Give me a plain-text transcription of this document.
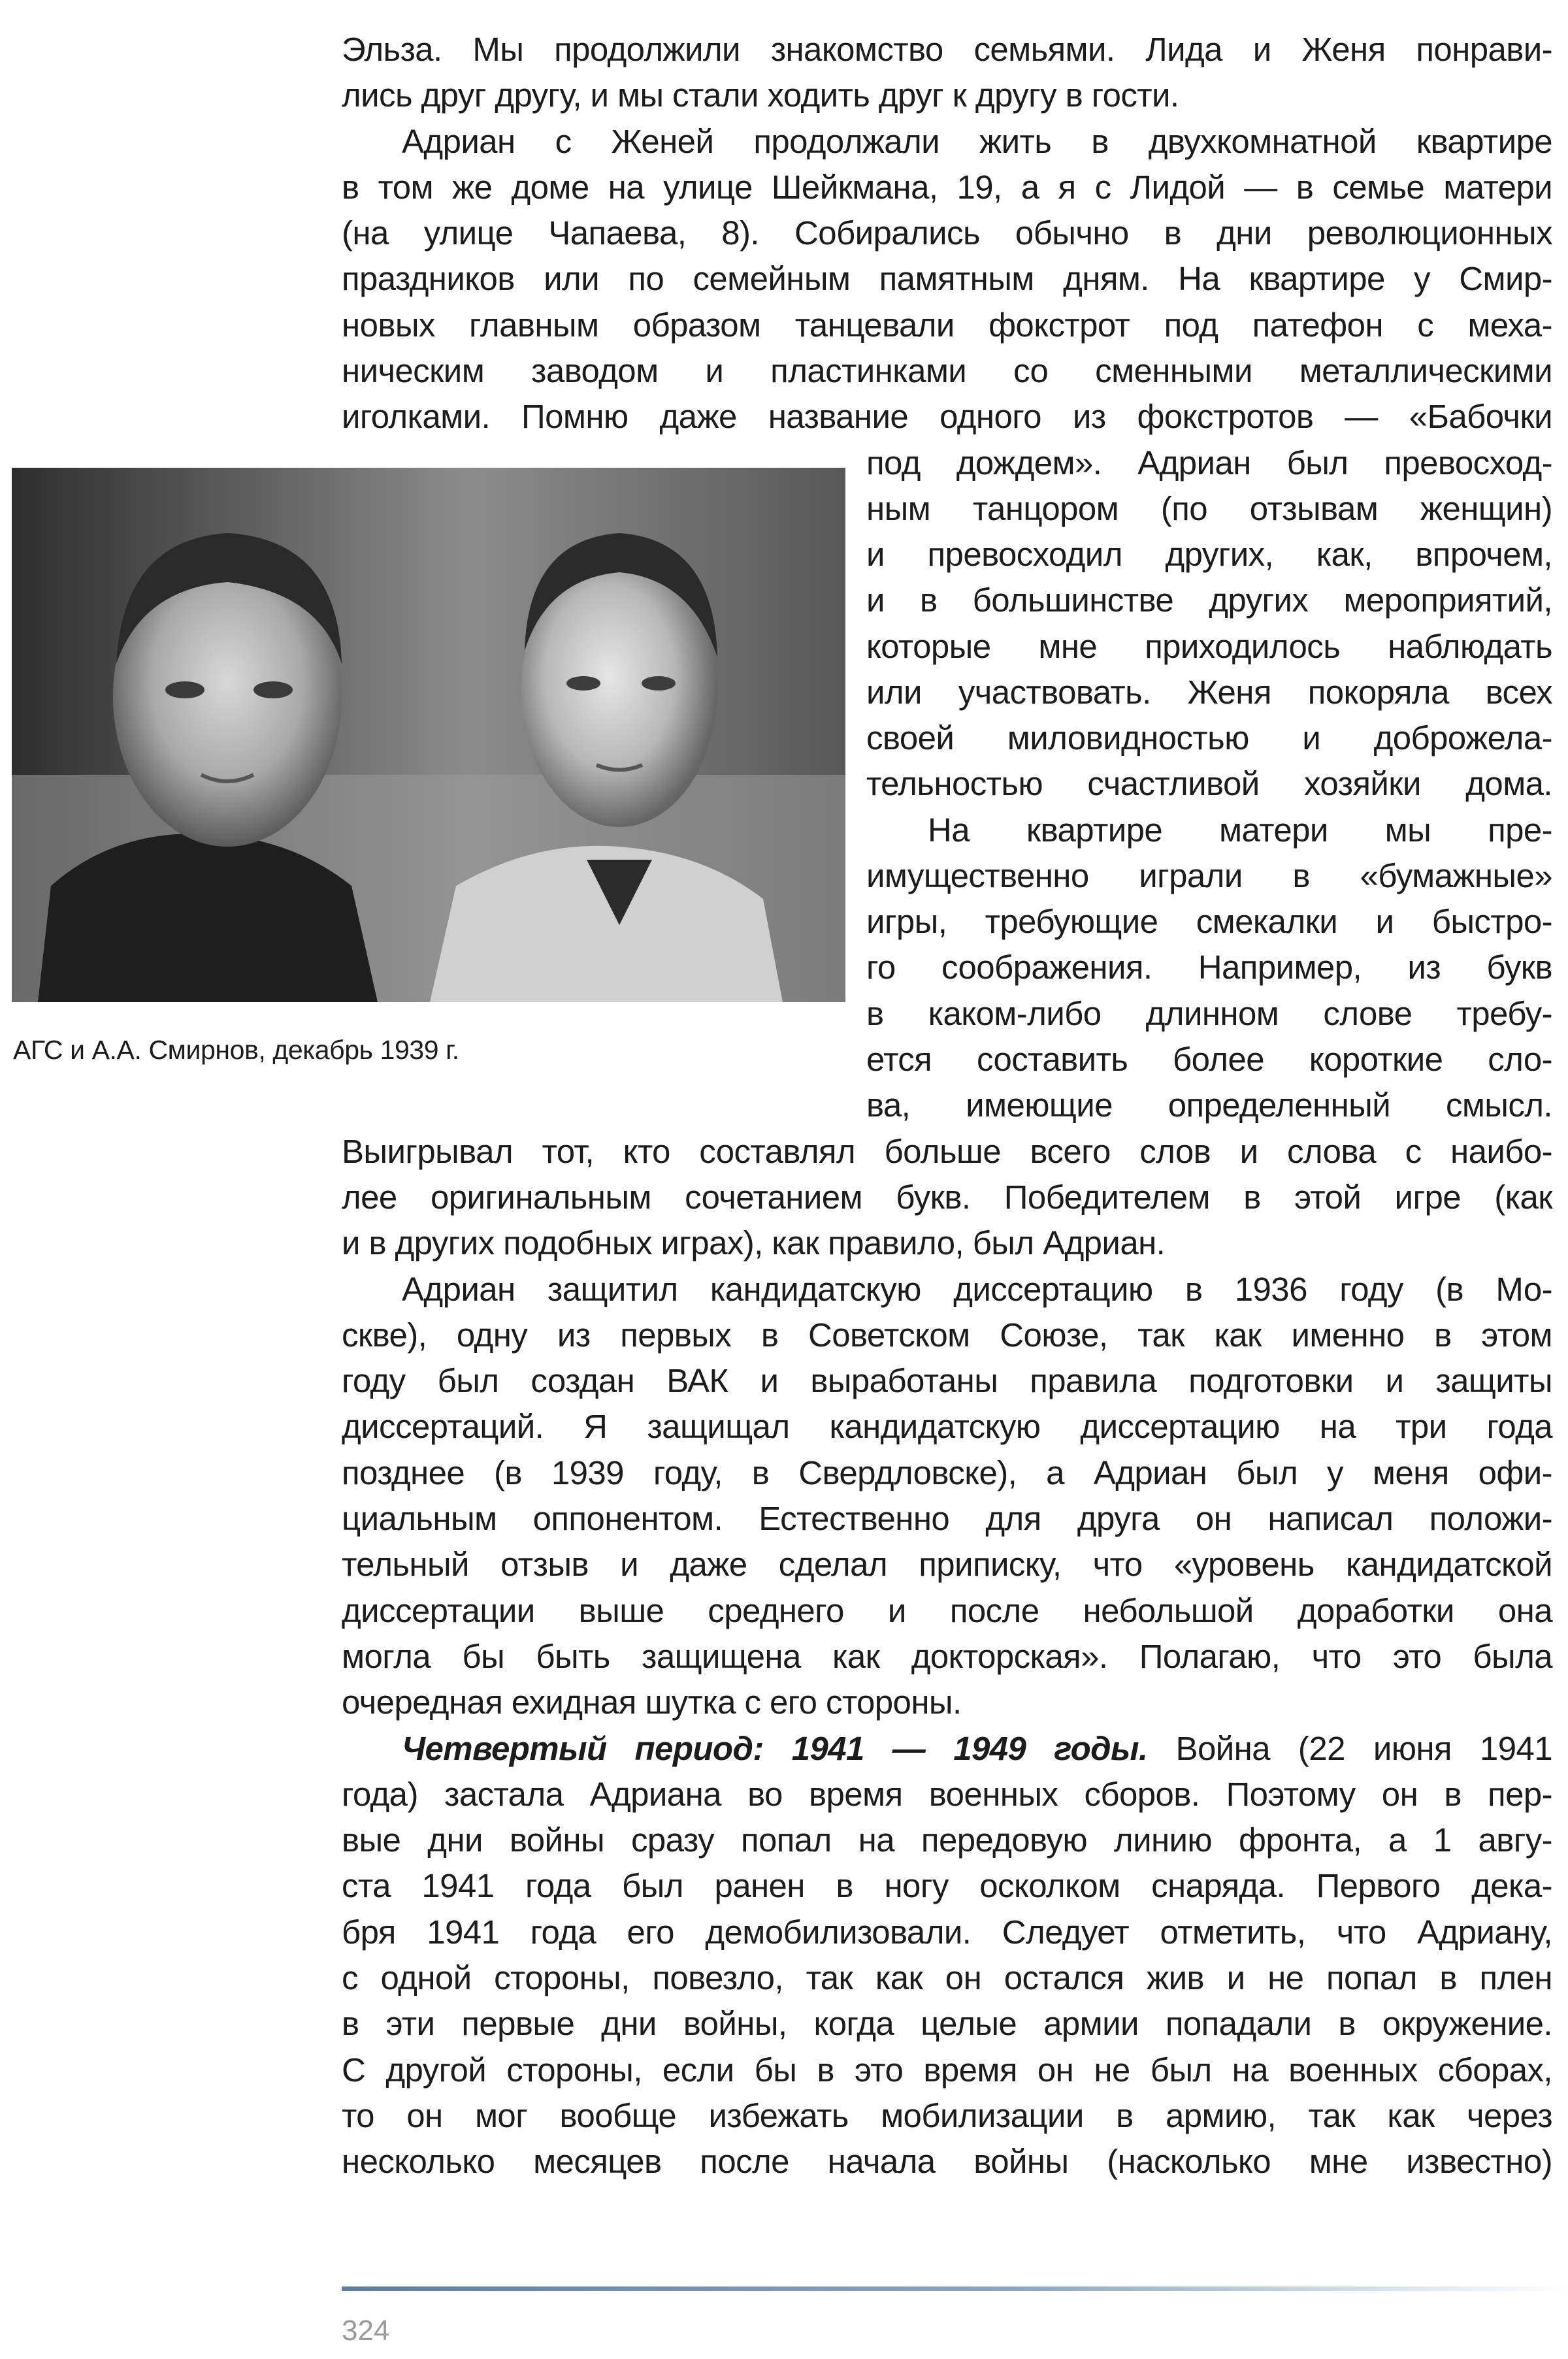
Эльза. Мы продолжили знакомство семьями. Лида и Женя понрави-
лись друг другу, и мы стали ходить друг к другу в гости.
Адриан с Женей продолжали жить в двухкомнатной квартире
в том же доме на улице Шейкмана, 19, а я с Лидой — в семье матери
(на улице Чапаева, 8). Собирались обычно в дни революционных
праздников или по семейным памятным дням. На квартире у Смир-
новых главным образом танцевали фокстрот под патефон с меха-
ническим заводом и пластинками со сменными металлическими
иголками. Помню даже название одного из фокстротов — «Бабочки
АГС и А.А. Смирнов, декабрь 1939 г.
под дождем». Адриан был превосход-
ным танцором (по отзывам женщин)
и превосходил других, как, впрочем,
и в большинстве других мероприятий,
которые мне приходилось наблюдать
или участвовать. Женя покоряла всех
своей миловидностью и доброжела-
тельностью счастливой хозяйки дома.
На квартире матери мы пре-
имущественно играли в «бумажные»
игры, требующие смекалки и быстро-
го соображения. Например, из букв
в каком-либо длинном слове требу-
ется составить более короткие сло-
ва, имеющие определенный смысл.
Выигрывал тот, кто составлял больше всего слов и слова с наибо-
лее оригинальным сочетанием букв. Победителем в этой игре (как
и в других подобных играх), как правило, был Адриан.
Адриан защитил кандидатскую диссертацию в 1936 году (в Мо-
скве), одну из первых в Советском Союзе, так как именно в этом
году был создан ВАК и выработаны правила подготовки и защиты
диссертаций. Я защищал кандидатскую диссертацию на три года
позднее (в 1939 году, в Свердловске), а Адриан был у меня офи-
циальным оппонентом. Естественно для друга он написал положи-
тельный отзыв и даже сделал приписку, что «уровень кандидатской
диссертации выше среднего и после небольшой доработки она
могла бы быть защищена как докторская». Полагаю, что это была
очередная ехидная шутка с его стороны.
Четвертый период: 1941 — 1949 годы. Война (22 июня 1941
года) застала Адриана во время военных сборов. Поэтому он в пер-
вые дни войны сразу попал на передовую линию фронта, а 1 авгу-
ста 1941 года был ранен в ногу осколком снаряда. Первого дека-
бря 1941 года его демобилизовали. Следует отметить, что Адриану,
с одной стороны, повезло, так как он остался жив и не попал в плен
в эти первые дни войны, когда целые армии попадали в окружение.
С другой стороны, если бы в это время он не был на военных сборах,
то он мог вообще избежать мобилизации в армию, так как через
несколько месяцев после начала войны (насколько мне известно)
324
